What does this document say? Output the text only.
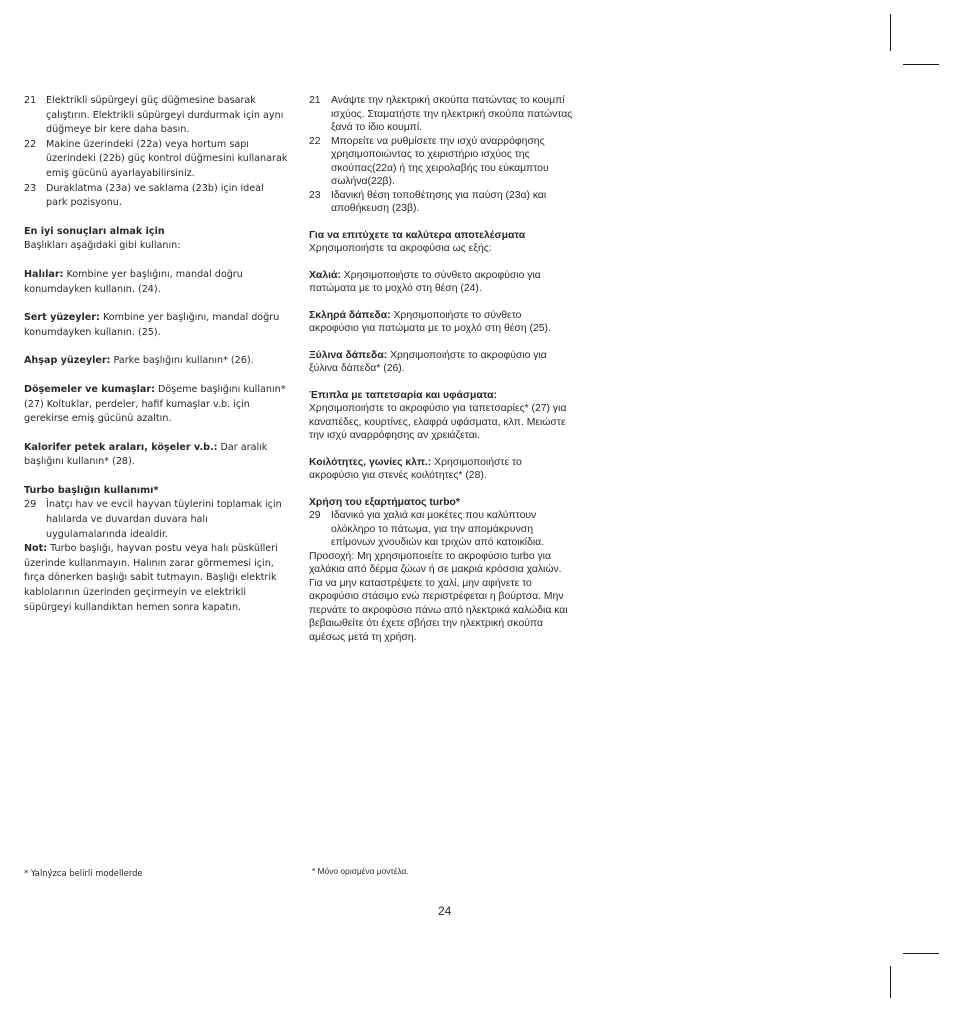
21	Elektrikli süpürgeyi güç düğmesine basarak çalıştırın. Elektrikli süpürgeyi durdurmak için aynı düğmeye bir kere daha basın.
22	Makine üzerindeki (22a) veya hortum sapı üzerindeki (22b) güç kontrol düğmesini kullanarak emiş gücünü ayarlayabilirsiniz.
23	Duraklatma (23a) ve saklama (23b) için ideal park pozisyonu.
En iyi sonuçları almak için
Başlıkları aşağıdaki gibi kullanın:
Halılar: Kombine yer başlığını, mandal doğru konumdayken kullanın. (24).
Sert yüzeyler: Kombine yer başlığını, mandal doğru konumdayken kullanın. (25).
Ahşap yüzeyler: Parke başlığını kullanın* (26).
Döşemeler ve kumaşlar: Döşeme başlığını kullanın* (27) Koltuklar, perdeler, hafif kumaşlar v.b. için gerekirse emiş gücünü azaltın.
Kalorifer petek araları, köşeler v.b.: Dar aralık başlığını kullanın* (28).
Turbo başlığın kullanımı*
29	İnatçı hav ve evcil hayvan tüylerini toplamak için halılarda ve duvardan duvara halı uygulamalarında idealdir.
Not: Turbo başlığı, hayvan postu veya halı püskülleri üzerinde kullanmayın. Halının zarar görmemesi için, fırça dönerken başlığı sabit tutmayın. Başlığı elektrik kablolarının üzerinden geçirmeyin ve elektrikli süpürgeyi kullandıktan hemen sonra kapatın.
21	Ανάψτε την ηλεκτρική σκούπα πατώντας το κουμπί ισχύος. Σταματήστε την ηλεκτρική σκούπα πατώντας ξανά το ίδιο κουμπί.
22	Μπορείτε να ρυθμίσετε την ισχύ αναρρόφησης χρησιμοποιώντας το χειριστήριο ισχύος της σκούπας(22α) ή της χειρολαβής του εύκαμπτου σωλήνα(22β).
23	Ιδανική θέση τοποθέτησης για παύση (23α) και αποθήκευση (23β).
Για να επιτύχετε τα καλύτερα αποτελέσματα
Χρησιμοποιήστε τα ακροφύσια ως εξής:
Χαλιά: Χρησιμοποιήστε το σύνθετο ακροφύσιο για πατώματα με το μοχλό στη θέση (24).
Σκληρά δάπεδα: Χρησιμοποιήστε το σύνθετο ακροφύσιο για πατώματα με το μοχλό στη θέση (25).
Ξύλινα δάπεδα: Χρησιμοποιήστε το ακροφύσιο για ξύλινα δάπεδα* (26).
Έπιπλα με ταπετσαρία και υφάσματα: Χρησιμοποιήστε το ακροφύσιο για ταπετσαρίες* (27) για καναπέδες, κουρτίνες, ελαφρά υφάσματα, κλπ. Μειώστε την ισχύ αναρρόφησης αν χρειάζεται.
Κοιλότητες, γωνίες κλπ.: Χρησιμοποιήστε το ακροφύσιο για στενές κοιλότητες* (28).
Χρήση του εξαρτήματος turbo*
29	Ιδανικό για χαλιά και μοκέτες που καλύπτουν ολόκληρο το πάτωμα, για την απομάκρυνση επίμονων χνουδιών και τριχών από κατοικίδια.
Προσοχή: Μη χρησιμοποιείτε το ακροφύσιο turbo για χαλάκια από δέρμα ζώων ή σε μακριά κρόσσια χαλιών. Για να μην καταστρέψετε το χαλί, μην αφήνετε το ακροφύσιο στάσιμο ενώ περιστρέφεται η βούρτσα. Μην περνάτε το ακροφύσιο πάνω από ηλεκτρικά καλώδια και βεβαιωθείτε ότι έχετε σβήσει την ηλεκτρική σκούπα αμέσως μετά τη χρήση.
* Yalnýzca belirli modellerde	* Μόνο ορισμένα μοντέλα.
24
